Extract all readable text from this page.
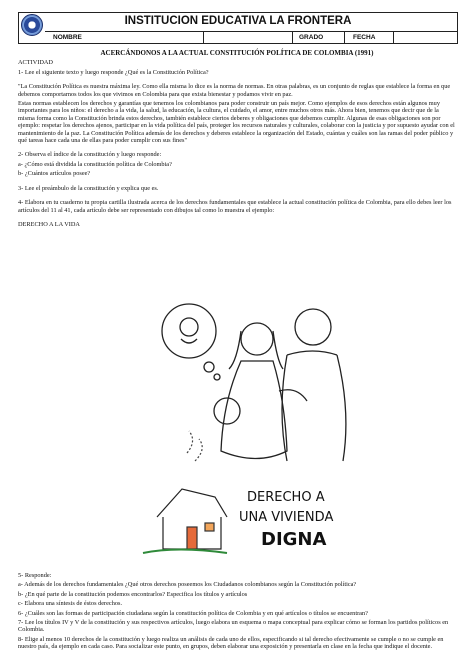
INSTITUCION EDUCATIVA LA FRONTERA
NOMBRE	GRADO	FECHA
ACERCÁNDONOS A LA ACTUAL CONSTITUCIÓN POLÍTICA DE COLOMBIA (1991)
ACTIVIDAD
1- Lee el siguiente texto y luego responde ¿Qué es la Constitución Política?
"La Constitución Política es nuestra máxima ley. Como ella misma lo dice es la norma de normas. En otras palabras, es un conjunto de reglas que establece la forma en que debemos comportarnos todos los que vivimos en Colombia para que exista bienestar y podamos vivir en paz.
Estas normas establecen los derechos y garantías que tenemos los colombianos para poder construir un país mejor. Como ejemplos de esos derechos están algunos muy importantes para los niños: el derecho a la vida, la salud, la educación, la cultura, el cuidado, el amor, entre muchos otros más. Ahora bien, tenemos que decir que de la misma forma como la Constitución brinda estos derechos, también establece ciertos deberes y obligaciones que debemos cumplir. Algunas de esas obligaciones son por ejemplo: respetar los derechos ajenos, participar en la vida política del país, proteger los recursos naturales y culturales, colaborar con la justicia y por supuesto ayudar con el mantenimiento de la paz. La Constitución Política además de los derechos y deberes establece la organización del Estado, cuántas y cuáles son las ramas del poder público y qué tareas hace cada una de ellas para poder cumplir con sus fines"
2- Observa el índice de la constitución y luego responde:
a- ¿Cómo está dividida la constitución política de Colombia?
b- ¿Cuántos artículos posee?
3- Lee el preámbulo de la constitución y explica que es.
4- Elabora en tu cuaderno tu propia cartilla ilustrada acerca de los derechos fundamentales que establece la actual constitución política de Colombia, para ello debes leer los artículos del 11 al 41, cada artículo debe ser representado con dibujos tal como lo muestra el ejemplo:
DERECHO A LA VIDA
DERECHO A
UNA VIVIENDA
DIGNA
5- Responde:
a- Además de los derechos fundamentales ¿Qué otros derechos poseemos los Ciudadanos colombianos según la Constitución política?
b- ¿En qué parte de la constitución podemos encontrarlos? Especifica los títulos y artículos
c- Elabora una síntesis de éstos derechos.
6- ¿Cuáles son las formas de participación ciudadana según la constitución política de Colombia y en qué artículos o títulos se encuentran?
7- Lee los títulos IV y V de la constitución y sus respectivos artículos, luego elabora un esquema o mapa conceptual para explicar cómo se forman los partidos políticos en Colombia.
8- Elige al menos 10 derechos de la constitución y luego realiza un análisis de cada uno de ellos, especificando si tal derecho efectivamente se cumple o no se cumple en nuestro país, da ejemplo en cada caso. Para socializar este punto, en grupos, deben elaborar una exposición y presentarla en clase en la fecha que indique el docente.
